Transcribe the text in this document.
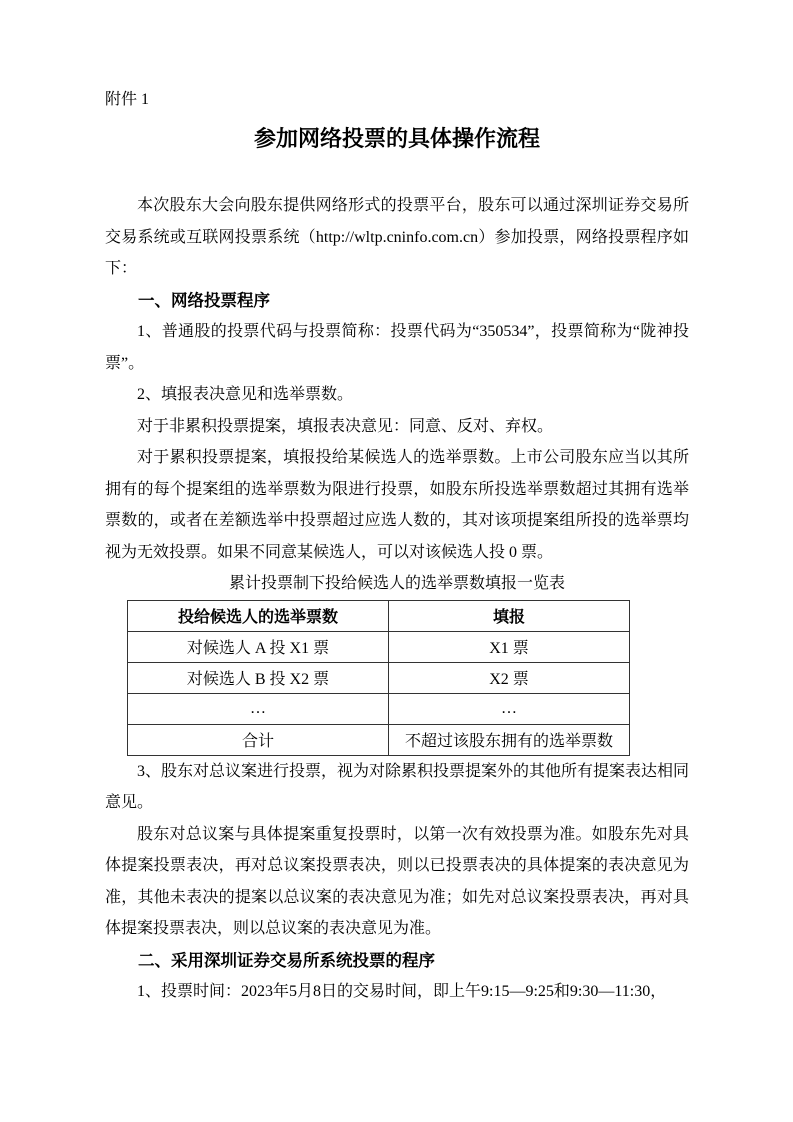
附件 1
参加网络投票的具体操作流程

本次股东大会向股东提供网络形式的投票平台，股东可以通过深圳证券交易所交易系统或互联网投票系统（http://wltp.cninfo.com.cn）参加投票，网络投票程序如下：

一、网络投票程序

1、普通股的投票代码与投票简称：投票代码为“350534”，投票简称为“陇神投票”。

2、填报表决意见和选举票数。

对于非累积投票提案，填报表决意见：同意、反对、弃权。

对于累积投票提案，填报投给某候选人的选举票数。上市公司股东应当以其所拥有的每个提案组的选举票数为限进行投票，如股东所投选举票数超过其拥有选举票数的，或者在差额选举中投票超过应选人数的，其对该项提案组所投的选举票均视为无效投票。如果不同意某候选人，可以对该候选人投 0 票。

累计投票制下投给候选人的选举票数填报一览表
投给候选人的选举票数	填报
对候选人 A 投 X1 票	X1 票
对候选人 B 投 X2 票	X2 票
…	…
合计	不超过该股东拥有的选举票数

3、股东对总议案进行投票，视为对除累积投票提案外的其他所有提案表达相同意见。

股东对总议案与具体提案重复投票时，以第一次有效投票为准。如股东先对具体提案投票表决，再对总议案投票表决，则以已投票表决的具体提案的表决意见为准，其他未表决的提案以总议案的表决意见为准；如先对总议案投票表决，再对具体提案投票表决，则以总议案的表决意见为准。

二、采用深圳证券交易所系统投票的程序

1、投票时间：2023年5月8日的交易时间，即上午9:15—9:25和9:30—11:30，
